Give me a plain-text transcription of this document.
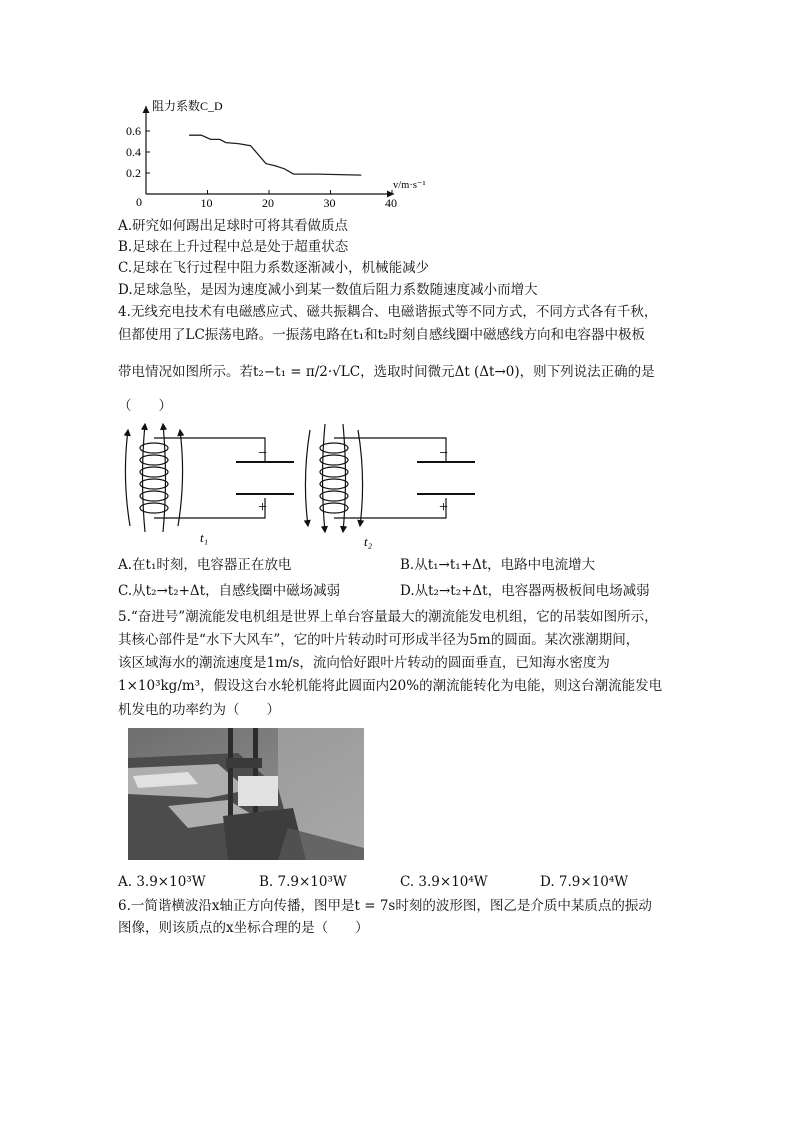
阻力系数C_D
v/m·s⁻¹
0
0.6
0.4
0.2
10	20	30	40
A.研究如何踢出足球时可将其看做质点
B.足球在上升过程中总是处于超重状态
C.足球在飞行过程中阻力系数逐渐减小，机械能减少
D.足球急坠，是因为速度减小到某一数值后阻力系数随速度减小而增大
4.无线充电技术有电磁感应式、磁共振耦合、电磁谐振式等不同方式，不同方式各有千秋，
但都使用了LC振荡电路。一振荡电路在t₁和t₂时刻自感线圈中磁感线方向和电容器中极板
带电情况如图所示。若t₂−t₁ = π/2·√LC，选取时间微元Δt (Δt→0)，则下列说法正确的是
（　　）
−
+
t₁
−
+
t₂
A.在t₁时刻，电容器正在放电	B.从t₁→t₁+Δt，电路中电流增大
C.从t₂→t₂+Δt，自感线圈中磁场减弱	D.从t₂→t₂+Δt，电容器两极板间电场减弱
5.“奋进号”潮流能发电机组是世界上单台容量最大的潮流能发电机组，它的吊装如图所示，
其核心部件是“水下大风车”，它的叶片转动时可形成半径为5m的圆面。某次涨潮期间，
该区域海水的潮流速度是1m/s，流向恰好跟叶片转动的圆面垂直，已知海水密度为
1×10³kg/m³，假设这台水轮机能将此圆面内20%的潮流能转化为电能，则这台潮流能发电
机发电的功率约为（　　）
A. 3.9×10³W	B. 7.9×10³W	C. 3.9×10⁴W	D. 7.9×10⁴W
6.一简谐横波沿x轴正方向传播，图甲是t = 7s时刻的波形图，图乙是介质中某质点的振动
图像，则该质点的x坐标合理的是（　　）
